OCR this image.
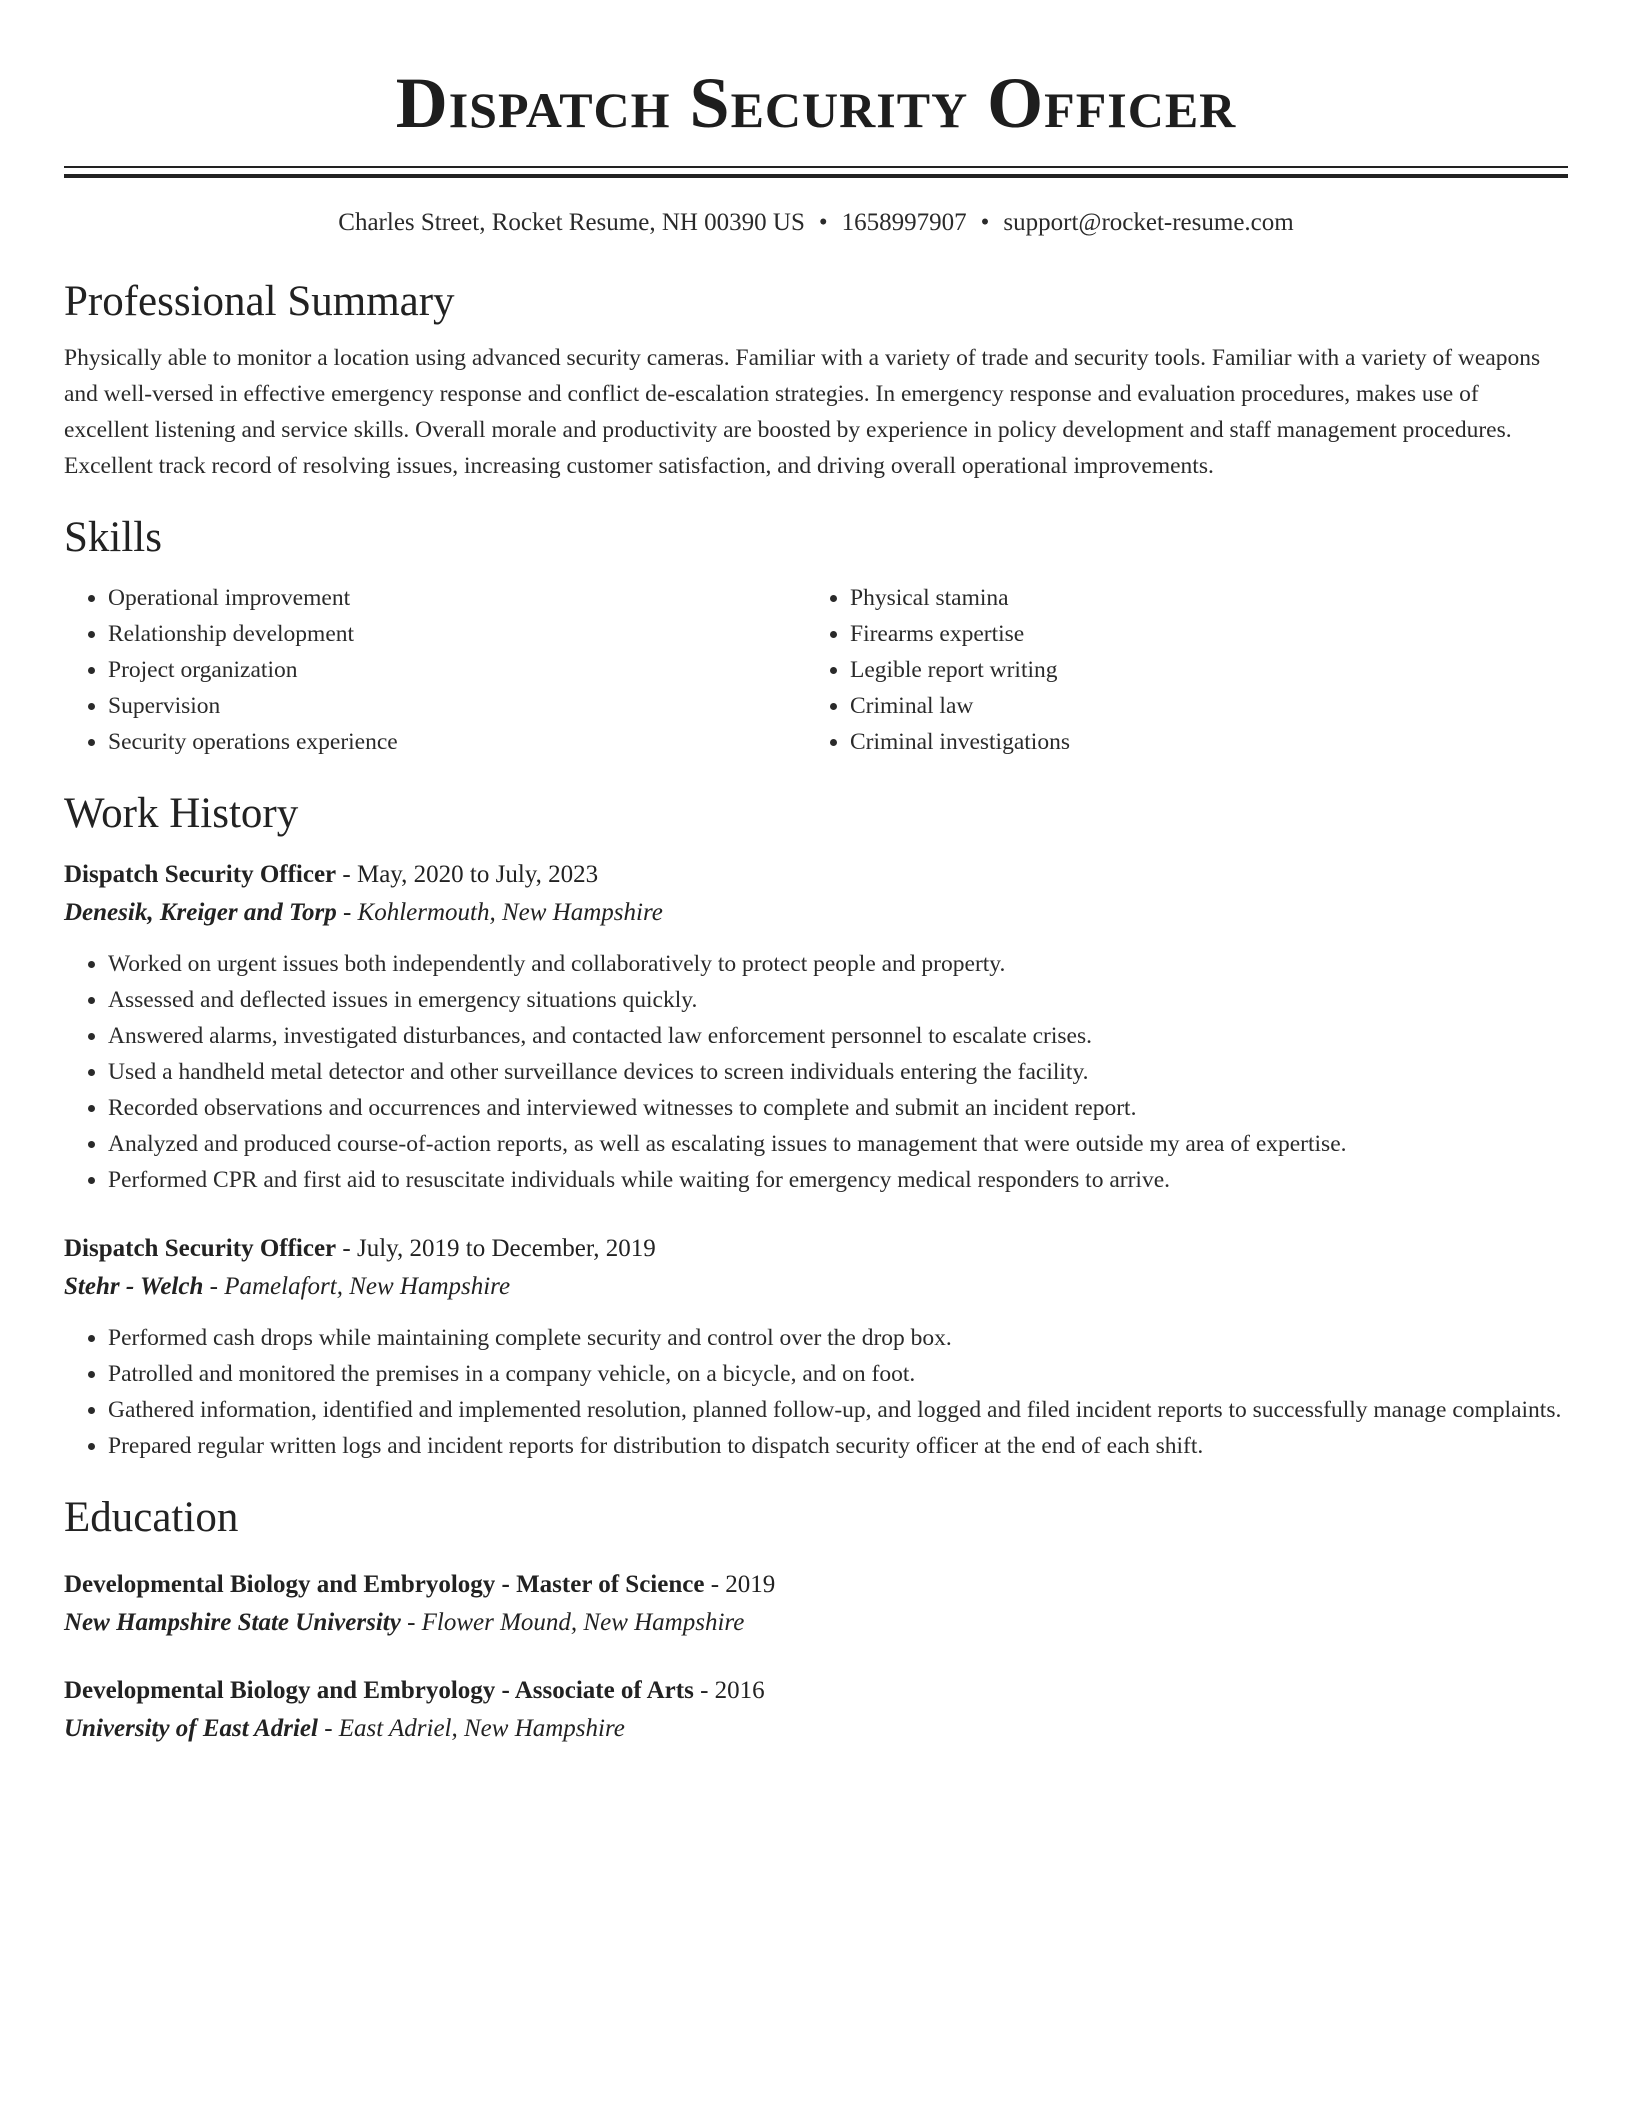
Dispatch Security Officer
Charles Street, Rocket Resume, NH 00390 US • 1658997907 • support@rocket-resume.com
Professional Summary
Physically able to monitor a location using advanced security cameras. Familiar with a variety of trade and security tools. Familiar with a variety of weapons and well-versed in effective emergency response and conflict de-escalation strategies. In emergency response and evaluation procedures, makes use of excellent listening and service skills. Overall morale and productivity are boosted by experience in policy development and staff management procedures. Excellent track record of resolving issues, increasing customer satisfaction, and driving overall operational improvements.
Skills
• Operational improvement
• Relationship development
• Project organization
• Supervision
• Security operations experience
• Physical stamina
• Firearms expertise
• Legible report writing
• Criminal law
• Criminal investigations
Work History
Dispatch Security Officer - May, 2020 to July, 2023
Denesik, Kreiger and Torp - Kohlermouth, New Hampshire
• Worked on urgent issues both independently and collaboratively to protect people and property.
• Assessed and deflected issues in emergency situations quickly.
• Answered alarms, investigated disturbances, and contacted law enforcement personnel to escalate crises.
• Used a handheld metal detector and other surveillance devices to screen individuals entering the facility.
• Recorded observations and occurrences and interviewed witnesses to complete and submit an incident report.
• Analyzed and produced course-of-action reports, as well as escalating issues to management that were outside my area of expertise.
• Performed CPR and first aid to resuscitate individuals while waiting for emergency medical responders to arrive.
Dispatch Security Officer - July, 2019 to December, 2019
Stehr - Welch - Pamelafort, New Hampshire
• Performed cash drops while maintaining complete security and control over the drop box.
• Patrolled and monitored the premises in a company vehicle, on a bicycle, and on foot.
• Gathered information, identified and implemented resolution, planned follow-up, and logged and filed incident reports to successfully manage complaints.
• Prepared regular written logs and incident reports for distribution to dispatch security officer at the end of each shift.
Education
Developmental Biology and Embryology - Master of Science - 2019
New Hampshire State University - Flower Mound, New Hampshire
Developmental Biology and Embryology - Associate of Arts - 2016
University of East Adriel - East Adriel, New Hampshire
